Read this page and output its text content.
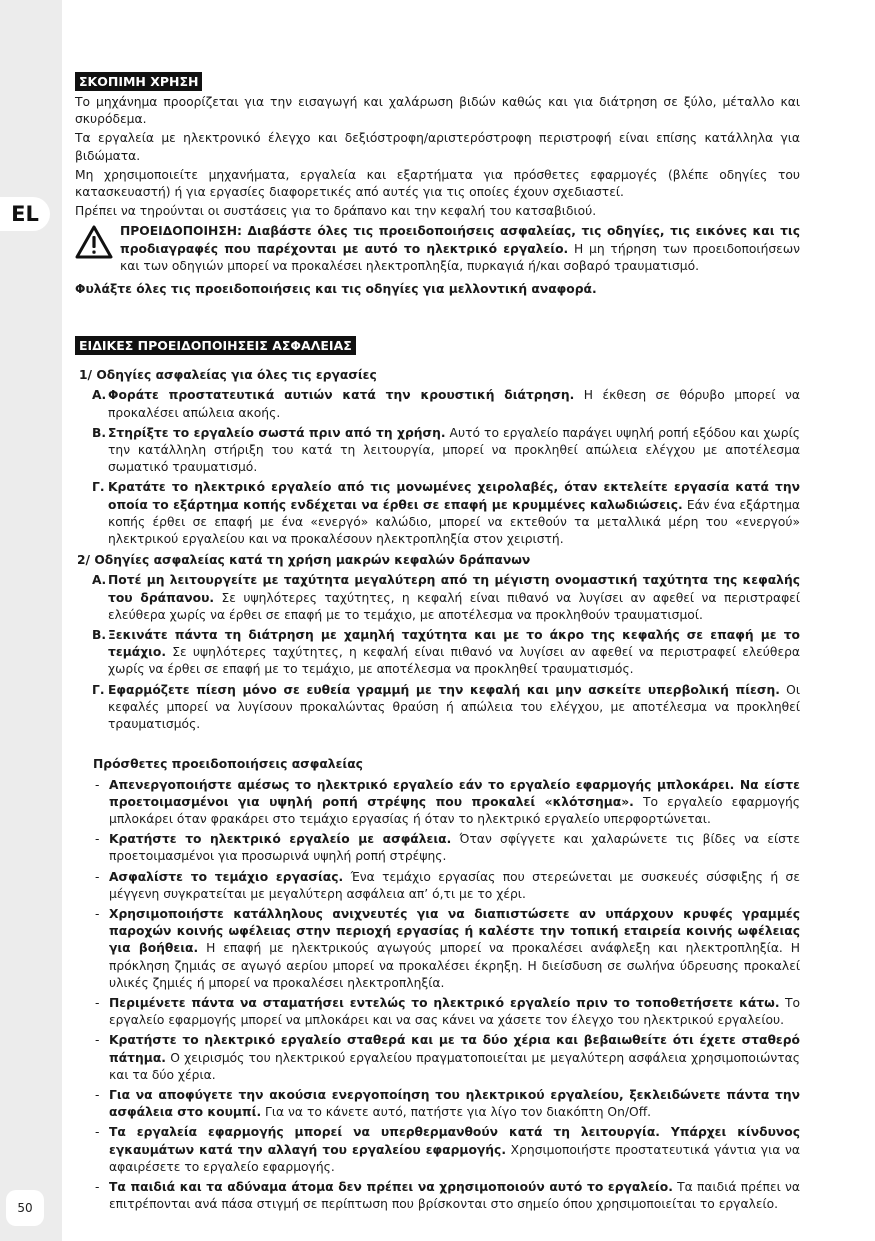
EL
50
ΣΚΟΠΙΜΗ ΧΡΗΣΗ

Το μηχάνημα προορίζεται για την εισαγωγή και χαλάρωση βιδών καθώς και για διάτρηση σε ξύλο, μέταλλο και σκυρόδεμα.

Τα εργαλεία με ηλεκτρονικό έλεγχο και δεξιόστροφη/αριστερόστροφη περιστροφή είναι επίσης κατάλληλα για βιδώματα.

Μη χρησιμοποιείτε μηχανήματα, εργαλεία και εξαρτήματα για πρόσθετες εφαρμογές (βλέπε οδηγίες του κατασκευαστή) ή για εργασίες διαφορετικές από αυτές για τις οποίες έχουν σχεδιαστεί.

Πρέπει να τηρούνται οι συστάσεις για το δράπανο και την κεφαλή του κατσαβιδιού.

ΠΡΟΕΙΔΟΠΟΙΗΣΗ: Διαβάστε όλες τις προειδοποιήσεις ασφαλείας, τις οδηγίες, τις εικόνες και τις προδιαγραφές που παρέχονται με αυτό το ηλεκτρικό εργαλείο. Η μη τήρηση των προειδοποιήσεων και των οδηγιών μπορεί να προκαλέσει ηλεκτροπληξία, πυρκαγιά ή/και σοβαρό τραυματισμό.

Φυλάξτε όλες τις προειδοποιήσεις και τις οδηγίες για μελλοντική αναφορά.

ΕΙΔΙΚΕΣ ΠΡΟΕΙΔΟΠΟΙΗΣΕΙΣ ΑΣΦΑΛΕΙΑΣ
1/ Οδηγίες ασφαλείας για όλες τις εργασίες
Α. Φοράτε προστατευτικά αυτιών κατά την κρουστική διάτρηση. Η έκθεση σε θόρυβο μπορεί να προκαλέσει απώλεια ακοής.
Β. Στηρίξτε το εργαλείο σωστά πριν από τη χρήση. Αυτό το εργαλείο παράγει υψηλή ροπή εξόδου και χωρίς την κατάλληλη στήριξη του κατά τη λειτουργία, μπορεί να προκληθεί απώλεια ελέγχου με αποτέλεσμα σωματικό τραυματισμό.
Γ. Κρατάτε το ηλεκτρικό εργαλείο από τις μονωμένες χειρολαβές, όταν εκτελείτε εργασία κατά την οποία το εξάρτημα κοπής ενδέχεται να έρθει σε επαφή με κρυμμένες καλωδιώσεις. Εάν ένα εξάρτημα κοπής έρθει σε επαφή με ένα «ενεργό» καλώδιο, μπορεί να εκτεθούν τα μεταλλικά μέρη του «ενεργού» ηλεκτρικού εργαλείου και να προκαλέσουν ηλεκτροπληξία στον χειριστή.
2/ Οδηγίες ασφαλείας κατά τη χρήση μακρών κεφαλών δράπανων
Α. Ποτέ μη λειτουργείτε με ταχύτητα μεγαλύτερη από τη μέγιστη ονομαστική ταχύτητα της κεφαλής του δράπανου. Σε υψηλότερες ταχύτητες, η κεφαλή είναι πιθανό να λυγίσει αν αφεθεί να περιστραφεί ελεύθερα χωρίς να έρθει σε επαφή με το τεμάχιο, με αποτέλεσμα να προκληθούν τραυματισμοί.
Β. Ξεκινάτε πάντα τη διάτρηση με χαμηλή ταχύτητα και με το άκρο της κεφαλής σε επαφή με το τεμάχιο. Σε υψηλότερες ταχύτητες, η κεφαλή είναι πιθανό να λυγίσει αν αφεθεί να περιστραφεί ελεύθερα χωρίς να έρθει σε επαφή με το τεμάχιο, με αποτέλεσμα να προκληθεί τραυματισμός.
Γ. Εφαρμόζετε πίεση μόνο σε ευθεία γραμμή με την κεφαλή και μην ασκείτε υπερβολική πίεση. Οι κεφαλές μπορεί να λυγίσουν προκαλώντας θραύση ή απώλεια του ελέγχου, με αποτέλεσμα να προκληθεί τραυματισμός.
Πρόσθετες προειδοποιήσεις ασφαλείας
- Απενεργοποιήστε αμέσως το ηλεκτρικό εργαλείο εάν το εργαλείο εφαρμογής μπλοκάρει. Να είστε προετοιμασμένοι για υψηλή ροπή στρέψης που προκαλεί «κλότσημα». Το εργαλείο εφαρμογής μπλοκάρει όταν φρακάρει στο τεμάχιο εργασίας ή όταν το ηλεκτρικό εργαλείο υπερφορτώνεται.
- Κρατήστε το ηλεκτρικό εργαλείο με ασφάλεια. Όταν σφίγγετε και χαλαρώνετε τις βίδες να είστε προετοιμασμένοι για προσωρινά υψηλή ροπή στρέψης.
- Ασφαλίστε το τεμάχιο εργασίας. Ένα τεμάχιο εργασίας που στερεώνεται με συσκευές σύσφιξης ή σε μέγγενη συγκρατείται με μεγαλύτερη ασφάλεια απ’ ό,τι με το χέρι.
- Χρησιμοποιήστε κατάλληλους ανιχνευτές για να διαπιστώσετε αν υπάρχουν κρυφές γραμμές παροχών κοινής ωφέλειας στην περιοχή εργασίας ή καλέστε την τοπική εταιρεία κοινής ωφέλειας για βοήθεια. Η επαφή με ηλεκτρικούς αγωγούς μπορεί να προκαλέσει ανάφλεξη και ηλεκτροπληξία. Η πρόκληση ζημιάς σε αγωγό αερίου μπορεί να προκαλέσει έκρηξη. Η διείσδυση σε σωλήνα ύδρευσης προκαλεί υλικές ζημιές ή μπορεί να προκαλέσει ηλεκτροπληξία.
- Περιμένετε πάντα να σταματήσει εντελώς το ηλεκτρικό εργαλείο πριν το τοποθετήσετε κάτω. Το εργαλείο εφαρμογής μπορεί να μπλοκάρει και να σας κάνει να χάσετε τον έλεγχο του ηλεκτρικού εργαλείου.
- Κρατήστε το ηλεκτρικό εργαλείο σταθερά και με τα δύο χέρια και βεβαιωθείτε ότι έχετε σταθερό πάτημα. Ο χειρισμός του ηλεκτρικού εργαλείου πραγματοποιείται με μεγαλύτερη ασφάλεια χρησιμοποιώντας και τα δύο χέρια.
- Για να αποφύγετε την ακούσια ενεργοποίηση του ηλεκτρικού εργαλείου, ξεκλειδώνετε πάντα την ασφάλεια στο κουμπί. Για να το κάνετε αυτό, πατήστε για λίγο τον διακόπτη On/Off.
- Τα εργαλεία εφαρμογής μπορεί να υπερθερμανθούν κατά τη λειτουργία. Υπάρχει κίνδυνος εγκαυμάτων κατά την αλλαγή του εργαλείου εφαρμογής. Χρησιμοποιήστε προστατευτικά γάντια για να αφαιρέσετε το εργαλείο εφαρμογής.
- Τα παιδιά και τα αδύναμα άτομα δεν πρέπει να χρησιμοποιούν αυτό το εργαλείο. Τα παιδιά πρέπει να επιτρέπονται ανά πάσα στιγμή σε περίπτωση που βρίσκονται στο σημείο όπου χρησιμοποιείται το εργαλείο.
